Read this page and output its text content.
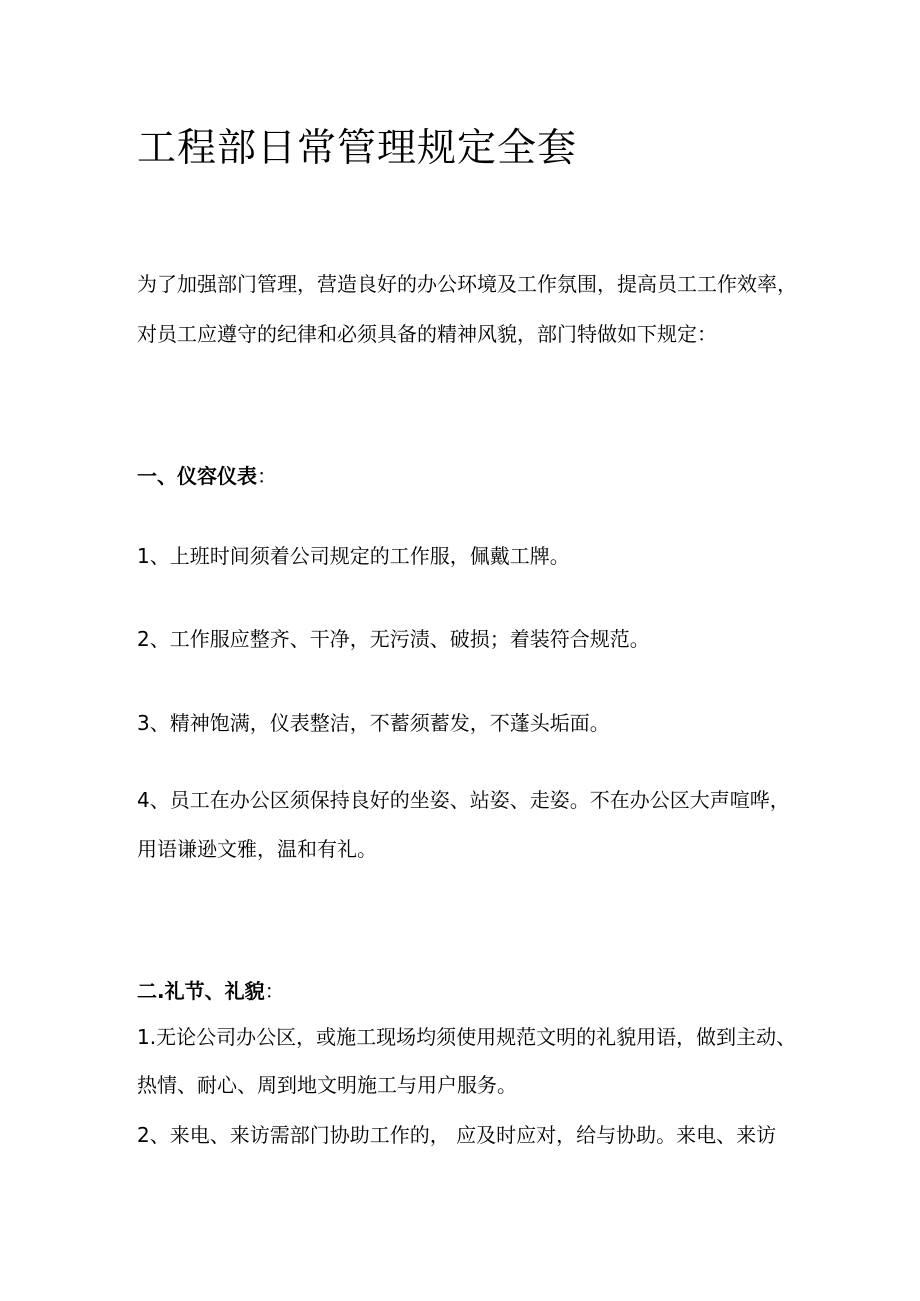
工程部日常管理规定全套
为了加强部门管理，营造良好的办公环境及工作氛围，提高员工工作效率，
对员工应遵守的纪律和必须具备的精神风貌，部门特做如下规定：
一、仪容仪表：
1、上班时间须着公司规定的工作服，佩戴工牌。
2、工作服应整齐、干净，无污渍、破损；着装符合规范。
3、精神饱满，仪表整洁，不蓄须蓄发，不蓬头垢面。
4、员工在办公区须保持良好的坐姿、站姿、走姿。不在办公区大声喧哗，
用语谦逊文雅，温和有礼。
二.礼节、礼貌：
1.无论公司办公区，或施工现场均须使用规范文明的礼貌用语，做到主动、
热情、耐心、周到地文明施工与用户服务。
2、来电、来访需部门协助工作的， 应及时应对，给与协助。来电、来访
